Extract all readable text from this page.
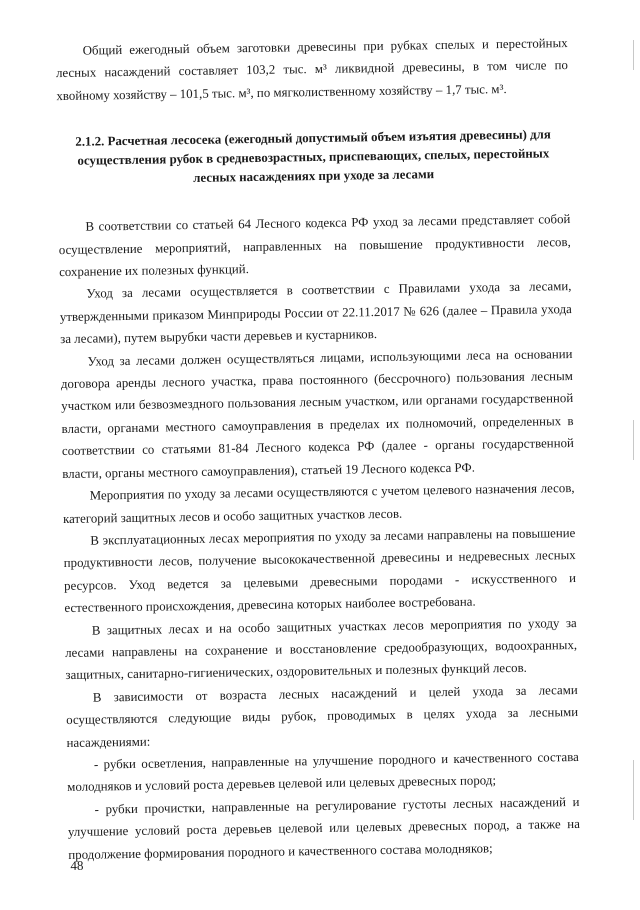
Общий ежегодный объем заготовки древесины при рубках спелых и перестойных лесных насаждений составляет 103,2 тыс. м³ ликвидной древесины, в том числе по хвойному хозяйству – 101,5 тыс. м³, по мягколиственному хозяйству – 1,7 тыс. м³.

2.1.2. Расчетная лесосека (ежегодный допустимый объем изъятия древесины) для осуществления рубок в средневозрастных, приспевающих, спелых, перестойных лесных насаждениях при уходе за лесами

В соответствии со статьей 64 Лесного кодекса РФ уход за лесами представляет собой осуществление мероприятий, направленных на повышение продуктивности лесов, сохранение их полезных функций.

Уход за лесами осуществляется в соответствии с Правилами ухода за лесами, утвержденными приказом Минприроды России от 22.11.2017 № 626 (далее – Правила ухода за лесами), путем вырубки части деревьев и кустарников.

Уход за лесами должен осуществляться лицами, использующими леса на основании договора аренды лесного участка, права постоянного (бессрочного) пользования лесным участком или безвозмездного пользования лесным участком, или органами государственной власти, органами местного самоуправления в пределах их полномочий, определенных в соответствии со статьями 81-84 Лесного кодекса РФ (далее - органы государственной власти, органы местного самоуправления), статьей 19 Лесного кодекса РФ.

Мероприятия по уходу за лесами осуществляются с учетом целевого назначения лесов, категорий защитных лесов и особо защитных участков лесов.

В эксплуатационных лесах мероприятия по уходу за лесами направлены на повышение продуктивности лесов, получение высококачественной древесины и недревесных лесных ресурсов. Уход ведется за целевыми древесными породами - искусственного и естественного происхождения, древесина которых наиболее востребована.

В защитных лесах и на особо защитных участках лесов мероприятия по уходу за лесами направлены на сохранение и восстановление средообразующих, водоохранных, защитных, санитарно-гигиенических, оздоровительных и полезных функций лесов.

В зависимости от возраста лесных насаждений и целей ухода за лесами осуществляются следующие виды рубок, проводимых в целях ухода за лесными насаждениями:

- рубки осветления, направленные на улучшение породного и качественного состава молодняков и условий роста деревьев целевой или целевых древесных пород;

- рубки прочистки, направленные на регулирование густоты лесных насаждений и улучшение условий роста деревьев целевой или целевых древесных пород, а также на продолжение формирования породного и качественного состава молодняков;

48
